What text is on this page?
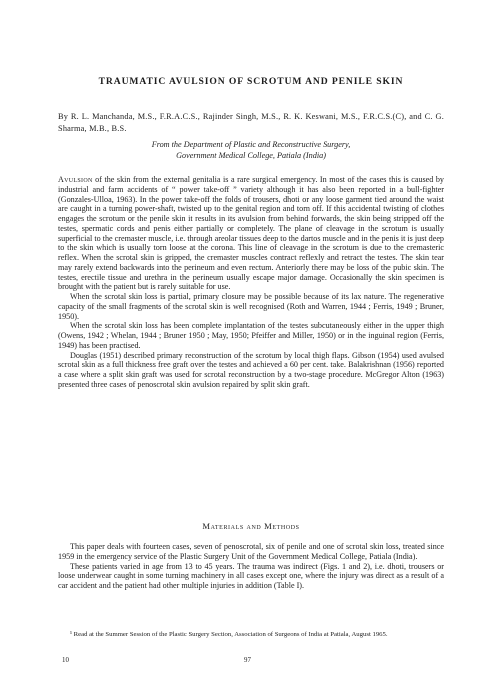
TRAUMATIC AVULSION OF SCROTUM AND PENILE SKIN
By R. L. Manchanda, M.S., F.R.A.C.S., Rajinder Singh, M.S., R. K. Keswani, M.S., F.R.C.S.(C), and C. G. Sharma, M.B., B.S.
From the Department of Plastic and Reconstructive Surgery,
Government Medical College, Patiala (India)

Avulsion of the skin from the external genitalia is a rare surgical emergency. In most of the cases this is caused by industrial and farm accidents of “ power take-off ” variety although it has also been reported in a bull-fighter (Gonzales-Ulloa, 1963). In the power take-off the folds of trousers, dhoti or any loose garment tied around the waist are caught in a turning power-shaft, twisted up to the genital region and torn off. If this accidental twisting of clothes engages the scrotum or the penile skin it results in its avulsion from behind forwards, the skin being stripped off the testes, spermatic cords and penis either partially or completely. The plane of cleavage in the scrotum is usually superficial to the cremaster muscle, i.e. through areolar tissues deep to the dartos muscle and in the penis it is just deep to the skin which is usually torn loose at the corona. This line of cleavage in the scrotum is due to the cremasteric reflex. When the scrotal skin is gripped, the cremaster muscles contract reflexly and retract the testes. The skin tear may rarely extend backwards into the perineum and even rectum. Anteriorly there may be loss of the pubic skin. The testes, erectile tissue and urethra in the perineum usually escape major damage. Occasionally the skin specimen is brought with the patient but is rarely suitable for use.

When the scrotal skin loss is partial, primary closure may be possible because of its lax nature. The regenerative capacity of the small fragments of the scrotal skin is well recognised (Roth and Warren, 1944 ; Ferris, 1949 ; Bruner, 1950).

When the scrotal skin loss has been complete implantation of the testes subcutaneously either in the upper thigh (Owens, 1942 ; Whelan, 1944 ; Bruner 1950 ; May, 1950; Pfeiffer and Miller, 1950) or in the inguinal region (Ferris, 1949) has been practised.

Douglas (1951) described primary reconstruction of the scrotum by local thigh flaps. Gibson (1954) used avulsed scrotal skin as a full thickness free graft over the testes and achieved a 60 per cent. take. Balakrishnan (1956) reported a case where a split skin graft was used for scrotal reconstruction by a two-stage procedure. McGregor Alton (1963) presented three cases of penoscrotal skin avulsion repaired by split skin graft.

Materials and Methods

This paper deals with fourteen cases, seven of penoscrotal, six of penile and one of scrotal skin loss, treated since 1959 in the emergency service of the Plastic Surgery Unit of the Government Medical College, Patiala (India).

These patients varied in age from 13 to 45 years. The trauma was indirect (Figs. 1 and 2), i.e. dhoti, trousers or loose underwear caught in some turning machinery in all cases except one, where the injury was direct as a result of a car accident and the patient had other multiple injuries in addition (Table I).

¹ Read at the Summer Session of the Plastic Surgery Section, Association of Surgeons of India at Patiala, August 1965.

10	97
